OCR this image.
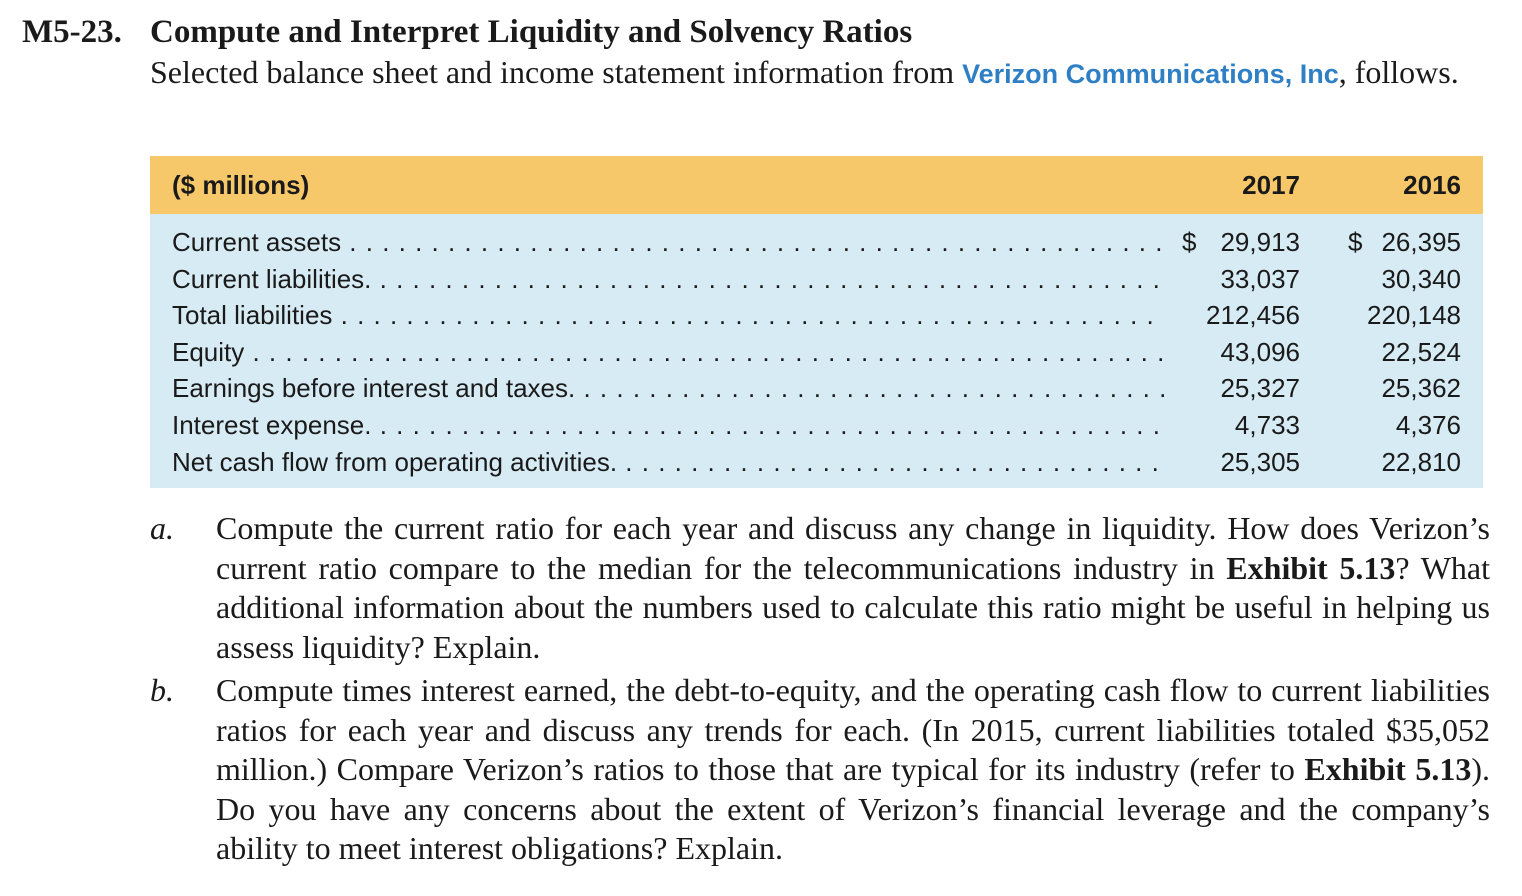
M5-23. Compute and Interpret Liquidity and Solvency Ratios
Selected balance sheet and income statement information from Verizon Communications, Inc, follows.
($ millions)	2017	2016
Current assets . . .	$ 29,913 $ 26,395
Current liabilities. . . .	33,037	30,340
Total liabilities . . .	212,456	220,148
Equity . . .	43,096	22,524
Earnings before interest and taxes. . . .	25,327	25,362
Interest expense. . . .	4,733	4,376
Net cash flow from operating activities. . . .	25,305	22,810
a.	Compute the current ratio for each year and discuss any change in liquidity. How does Verizon’s current ratio compare to the median for the telecommunications industry in Exhibit 5.13? What additional information about the numbers used to calculate this ratio might be useful in helping us assess liquidity? Explain.
b.	Compute times interest earned, the debt-to-equity, and the operating cash flow to current liabilities ratios for each year and discuss any trends for each. (In 2015, current liabilities totaled $35,052 million.) Compare Verizon’s ratios to those that are typical for its industry (refer to Exhibit 5.13). Do you have any concerns about the extent of Verizon’s financial leverage and the company’s ability to meet interest obligations? Explain.
